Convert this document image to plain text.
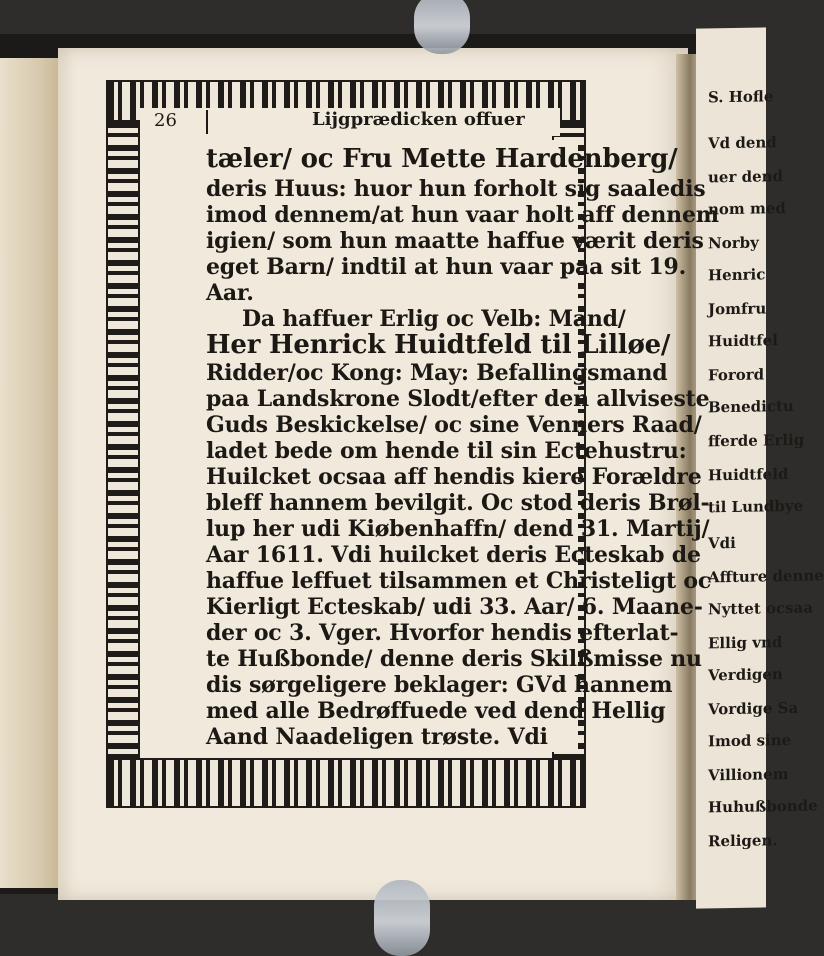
S. Hofle
Vd dend
uer dend
nom med
Norby
Henric
Jomfru
Huidtfel
Forord
Benedictu
fferde Erlig
Huidtfeld
til Lundbye
Vdi
Affture denne
Nyttet ocsaa
Ellig vnd
Verdigen
Vordige Sa
Imod sine
Villionem
Huhußbonde
Religen.
26	Lijgprædicken offuer
tæler/ oc Fru Mette Hardenberg/
deris Huus: huor hun forholt sig saaledis
imod dennem/at hun vaar holt aff dennem
igien/ som hun maatte haffue værit deris
eget Barn/ indtil at hun vaar paa sit 19.
Aar.
Da haffuer Erlig oc Velb: Mand/
Her Henrick Huidtfeld til Lilløe/
Ridder/oc Kong: May: Befallingsmand
paa Landskrone Slodt/efter den allviseste
Guds Beskickelse/ oc sine Venners Raad/
ladet bede om hende til sin Ectehustru:
Huilcket ocsaa aff hendis kiere Forældre
bleff hannem bevilgit. Oc stod deris Brøl-
lup her udi Kiøbenhaffn/ dend 31. Martij/
Aar 1611. Vdi huilcket deris Ecteskab de
haffue leffuet tilsammen et Christeligt oc
Kierligt Ecteskab/ udi 33. Aar/ 6. Maane-
der oc 3. Vger. Hvorfor hendis efterlat-
te Hußbonde/ denne deris Skilßmisse nu
dis sørgeligere beklager: GVd hannem
med alle Bedrøffuede ved dend Hellig
Aand Naadeligen trøste. Vdi
